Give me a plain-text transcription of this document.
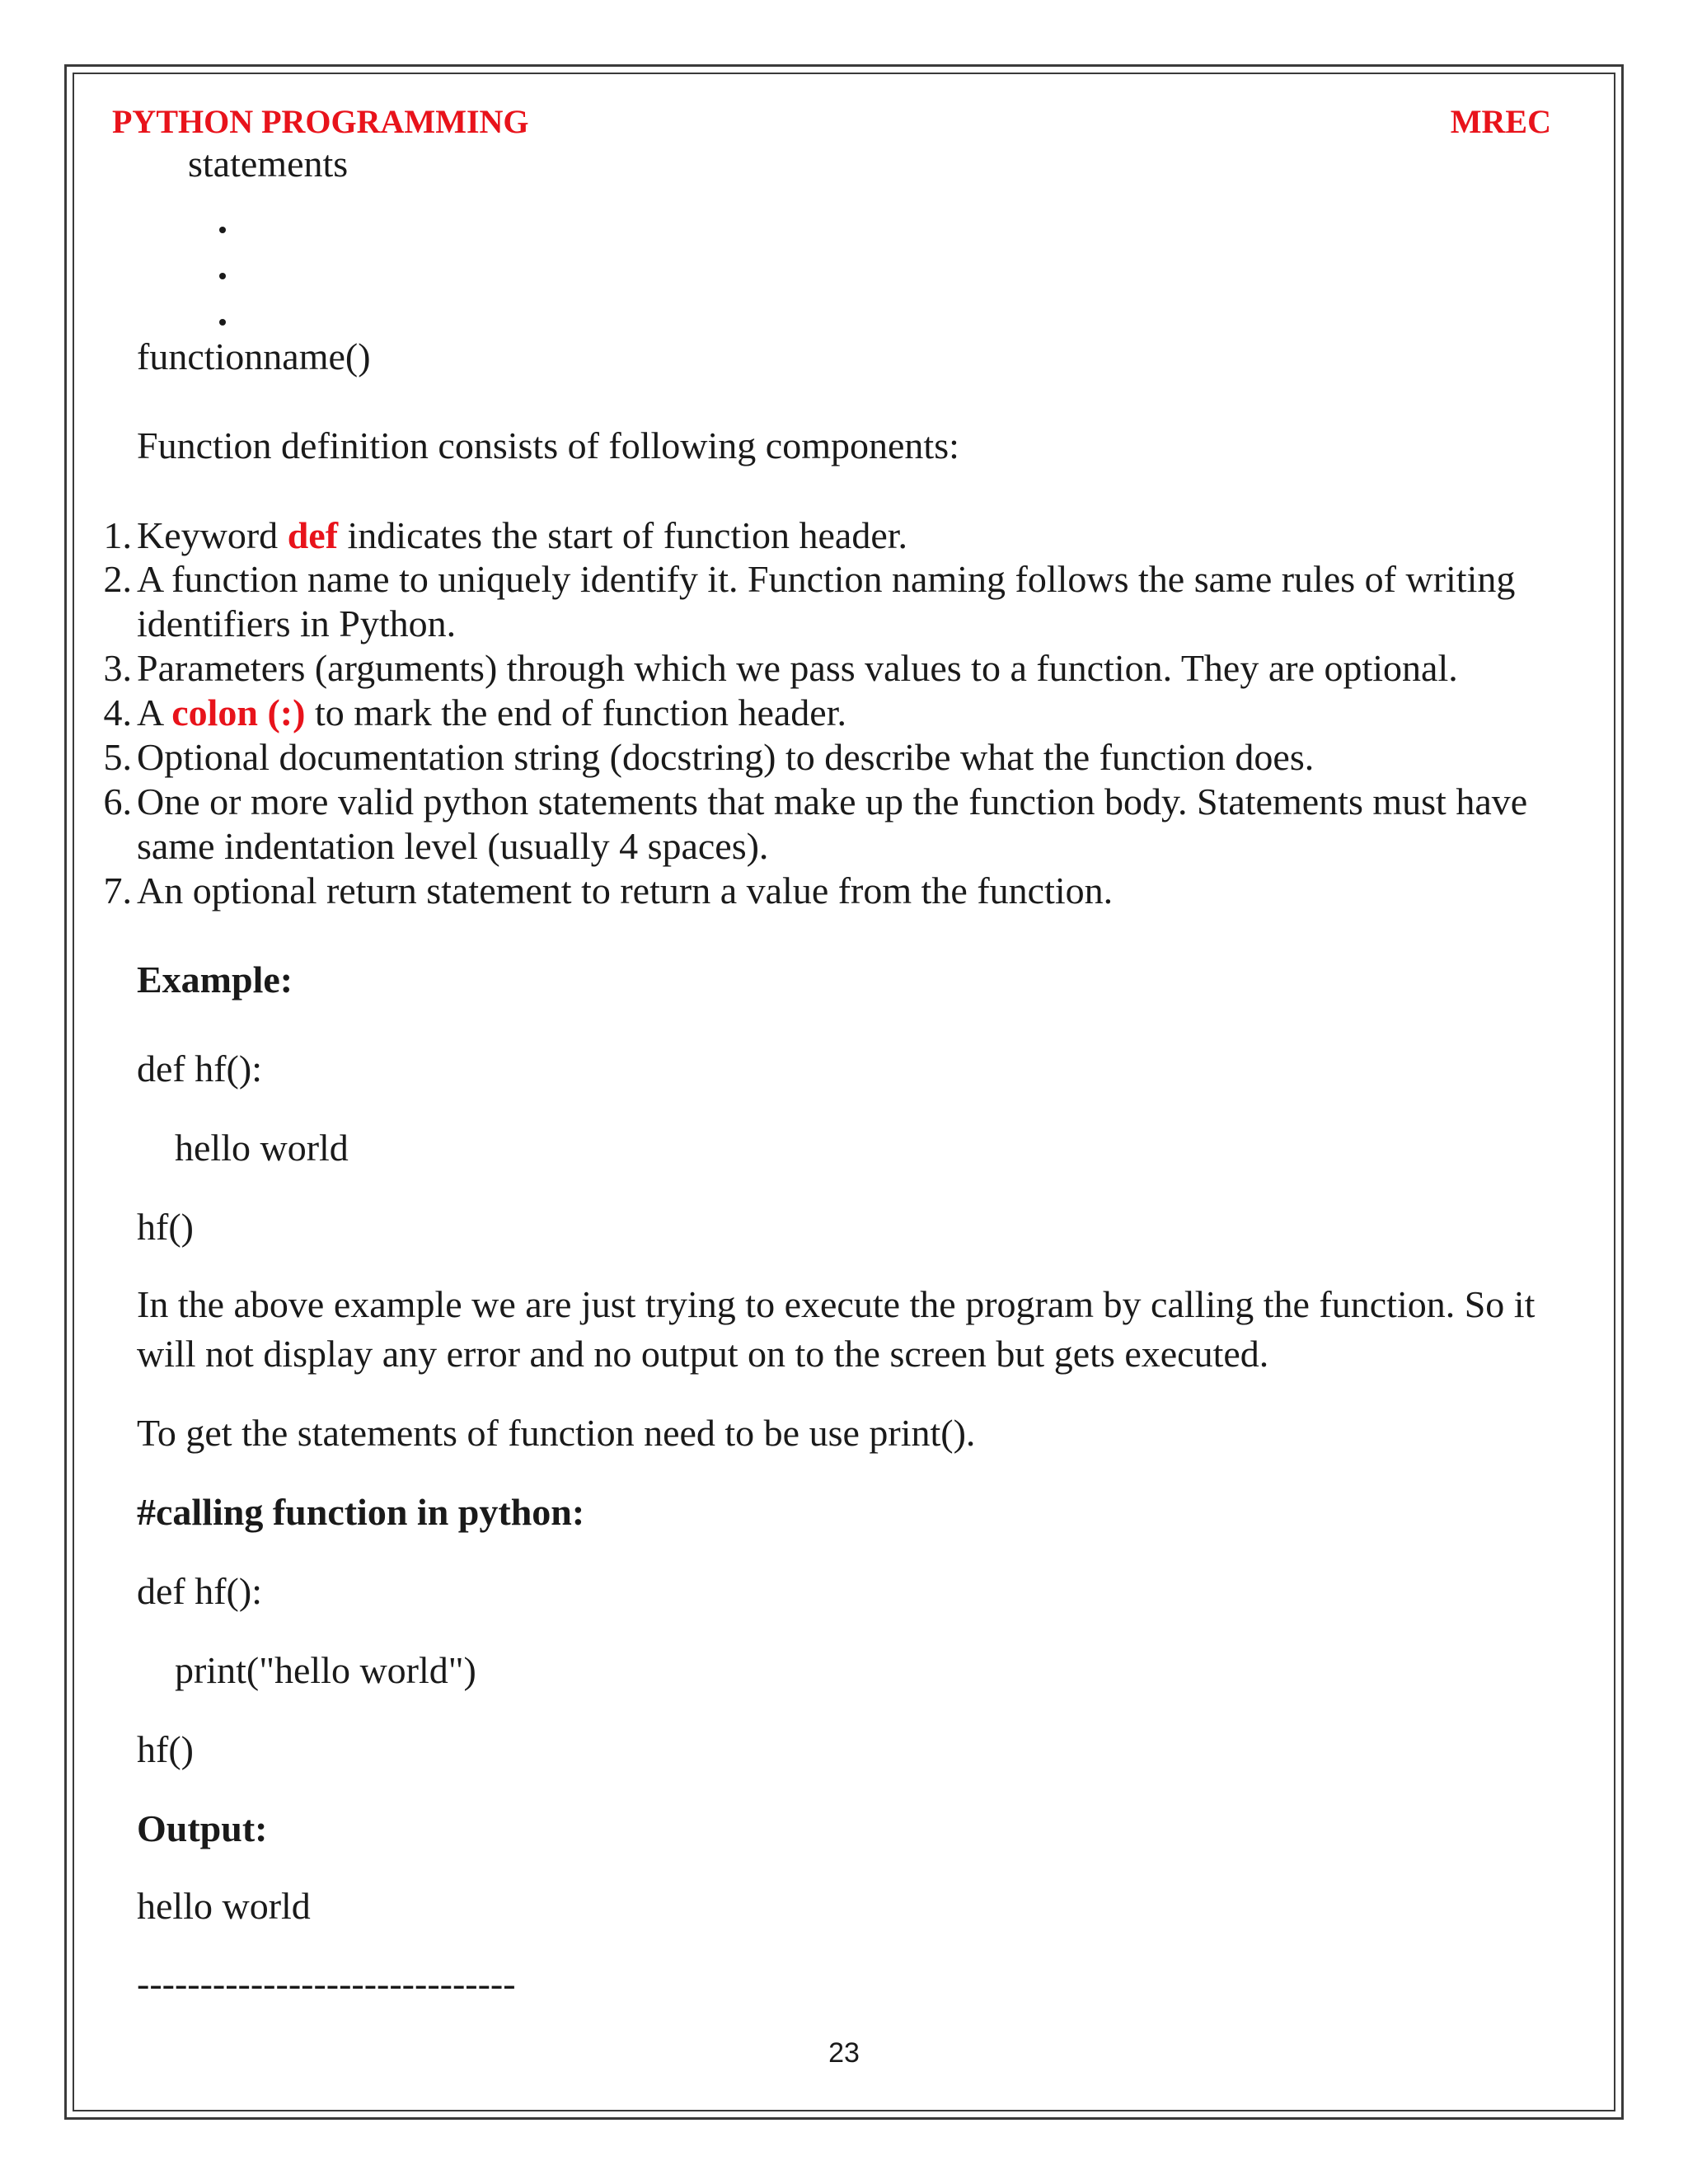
PYTHON PROGRAMMING	MREC
statements
functionname()
Function definition consists of following components:
1. Keyword def indicates the start of function header.
2. A function name to uniquely identify it. Function naming follows the same rules of writing
identifiers in Python.
3. Parameters (arguments) through which we pass values to a function. They are optional.
4. A colon (:) to mark the end of function header.
5. Optional documentation string (docstring) to describe what the function does.
6. One or more valid python statements that make up the function body. Statements must have
same indentation level (usually 4 spaces).
7. An optional return statement to return a value from the function.
Example:
def hf():
hello world
hf()
In the above example we are just trying to execute the program by calling the function. So it
will not display any error and no output on to the screen but gets executed.
To get the statements of function need to be use print().
#calling function in python:
def hf():
print("hello world")
hf()
Output:
hello world
------------------------------
23
